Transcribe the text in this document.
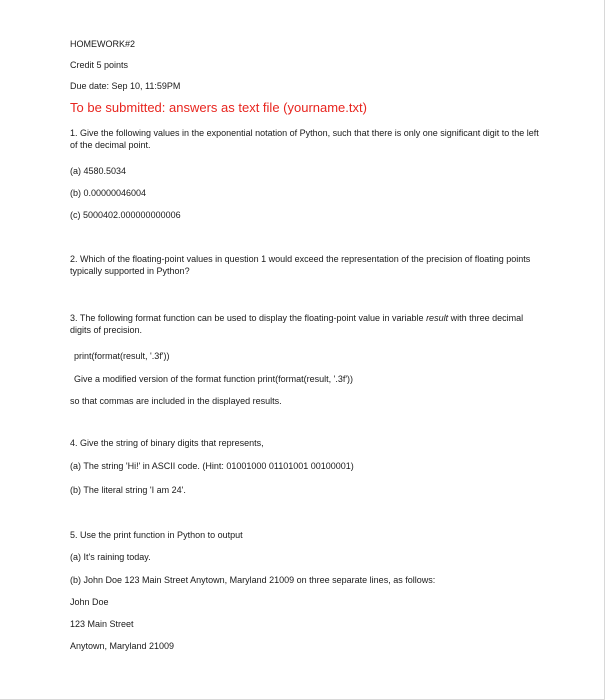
HOMEWORK#2
Credit 5 points
Due date: Sep 10, 11:59PM
To be submitted: answers as text file (yourname.txt)
1. Give the following values in the exponential notation of Python, such that there is only one significant digit to the left of the decimal point.
(a) 4580.5034
(b) 0.00000046004
(c) 5000402.000000000006
2. Which of the floating-point values in question 1 would exceed the representation of the precision of floating points typically supported in Python?
3. The following format function can be used to display the floating-point value in variable result with three decimal digits of precision.
print(format(result, '.3f'))
Give a modified version of the format function print(format(result, '.3f'))
so that commas are included in the displayed results.
4. Give the string of binary digits that represents,
(a) The string 'Hi!' in ASCII code. (Hint: 01001000 01101001 00100001)
(b) The literal string 'I am 24'.
5. Use the print function in Python to output
(a) It's raining today.
(b) John Doe 123 Main Street Anytown, Maryland 21009 on three separate lines, as follows:
John Doe
123 Main Street
Anytown, Maryland 21009
